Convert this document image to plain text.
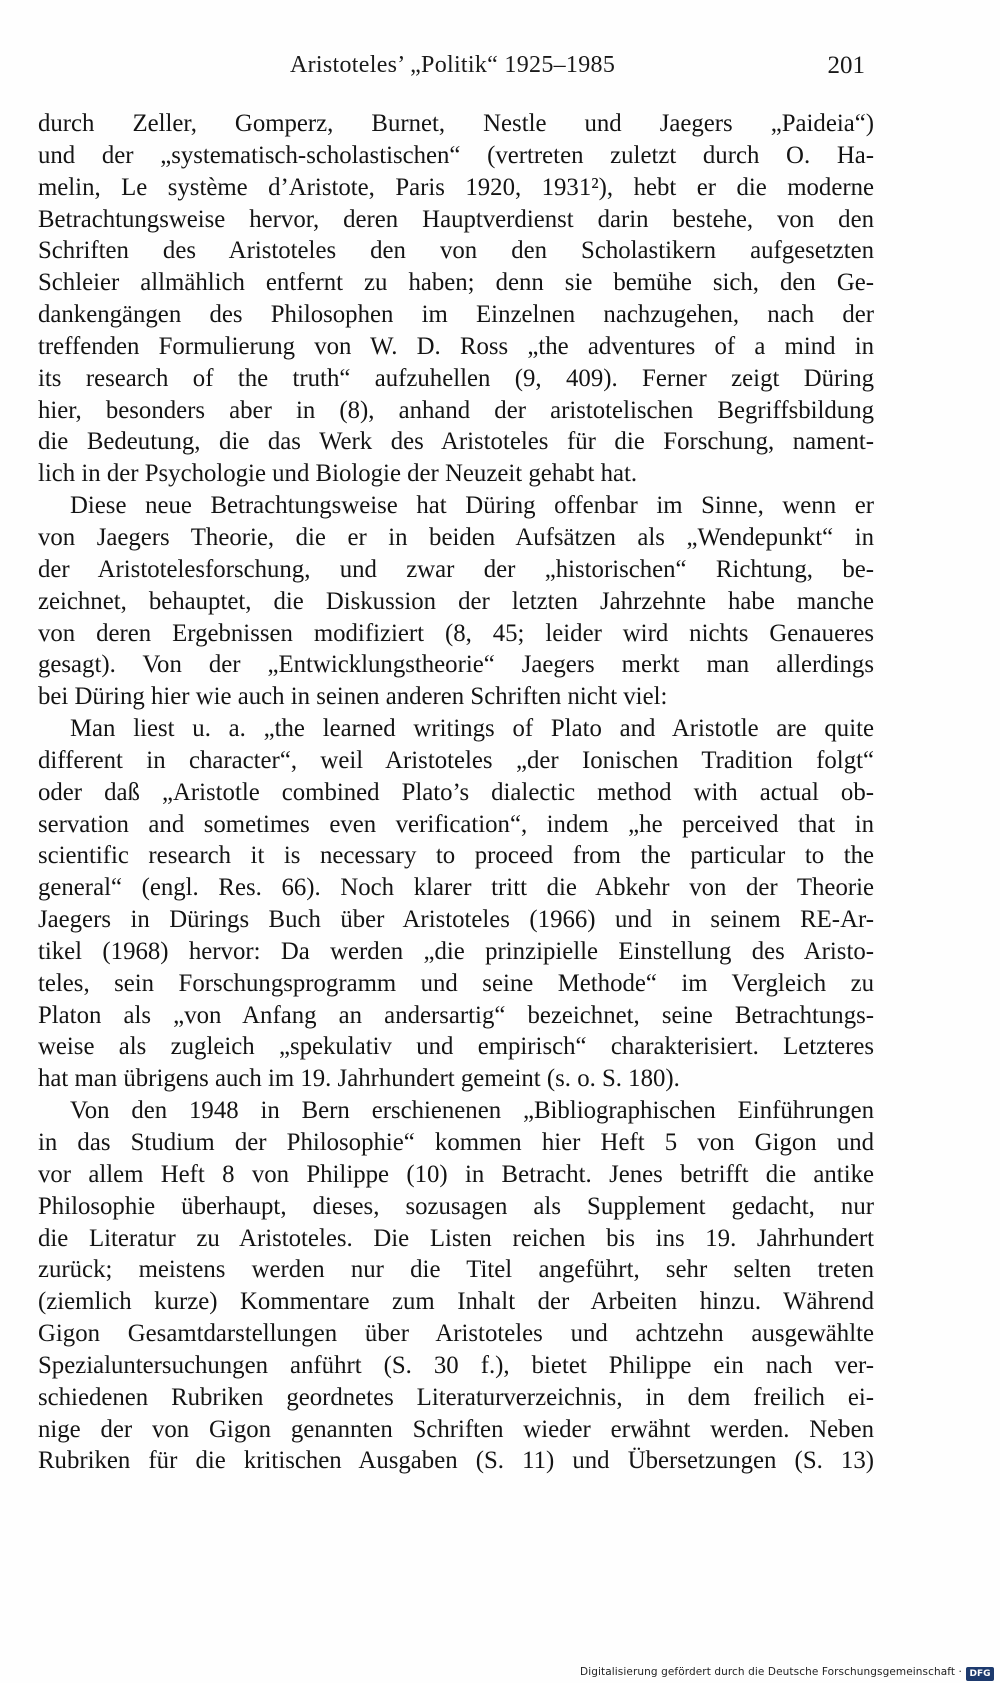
Aristoteles’ „Politik“ 1925–1985	201
durch Zeller, Gomperz, Burnet, Nestle und Jaegers „Paideia“)
und der „systematisch-scholastischen“ (vertreten zuletzt durch O. Ha-
melin, Le système d’Aristote, Paris 1920, 1931²), hebt er die moderne
Betrachtungsweise hervor, deren Hauptverdienst darin bestehe, von den
Schriften des Aristoteles den von den Scholastikern aufgesetzten
Schleier allmählich entfernt zu haben; denn sie bemühe sich, den Ge-
dankengängen des Philosophen im Einzelnen nachzugehen, nach der
treffenden Formulierung von W. D. Ross „the adventures of a mind in
its research of the truth“ aufzuhellen (9, 409). Ferner zeigt Düring
hier, besonders aber in (8), anhand der aristotelischen Begriffsbildung
die Bedeutung, die das Werk des Aristoteles für die Forschung, nament-
lich in der Psychologie und Biologie der Neuzeit gehabt hat.
Diese neue Betrachtungsweise hat Düring offenbar im Sinne, wenn er
von Jaegers Theorie, die er in beiden Aufsätzen als „Wendepunkt“ in
der Aristotelesforschung, und zwar der „historischen“ Richtung, be-
zeichnet, behauptet, die Diskussion der letzten Jahrzehnte habe manche
von deren Ergebnissen modifiziert (8, 45; leider wird nichts Genaueres
gesagt). Von der „Entwicklungstheorie“ Jaegers merkt man allerdings
bei Düring hier wie auch in seinen anderen Schriften nicht viel:
Man liest u. a. „the learned writings of Plato and Aristotle are quite
different in character“, weil Aristoteles „der Ionischen Tradition folgt“
oder daß „Aristotle combined Plato’s dialectic method with actual ob-
servation and sometimes even verification“, indem „he perceived that in
scientific research it is necessary to proceed from the particular to the
general“ (engl. Res. 66). Noch klarer tritt die Abkehr von der Theorie
Jaegers in Dürings Buch über Aristoteles (1966) und in seinem RE-Ar-
tikel (1968) hervor: Da werden „die prinzipielle Einstellung des Aristo-
teles, sein Forschungsprogramm und seine Methode“ im Vergleich zu
Platon als „von Anfang an andersartig“ bezeichnet, seine Betrachtungs-
weise als zugleich „spekulativ und empirisch“ charakterisiert. Letzteres
hat man übrigens auch im 19. Jahrhundert gemeint (s. o. S. 180).
Von den 1948 in Bern erschienenen „Bibliographischen Einführungen
in das Studium der Philosophie“ kommen hier Heft 5 von Gigon und
vor allem Heft 8 von Philippe (10) in Betracht. Jenes betrifft die antike
Philosophie überhaupt, dieses, sozusagen als Supplement gedacht, nur
die Literatur zu Aristoteles. Die Listen reichen bis ins 19. Jahrhundert
zurück; meistens werden nur die Titel angeführt, sehr selten treten
(ziemlich kurze) Kommentare zum Inhalt der Arbeiten hinzu. Während
Gigon Gesamtdarstellungen über Aristoteles und achtzehn ausgewählte
Spezialuntersuchungen anführt (S. 30 f.), bietet Philippe ein nach ver-
schiedenen Rubriken geordnetes Literaturverzeichnis, in dem freilich ei-
nige der von Gigon genannten Schriften wieder erwähnt werden. Neben
Rubriken für die kritischen Ausgaben (S. 11) und Übersetzungen (S. 13)
Digitalisierung gefördert durch die Deutsche Forschungsgemeinschaft · DFG
